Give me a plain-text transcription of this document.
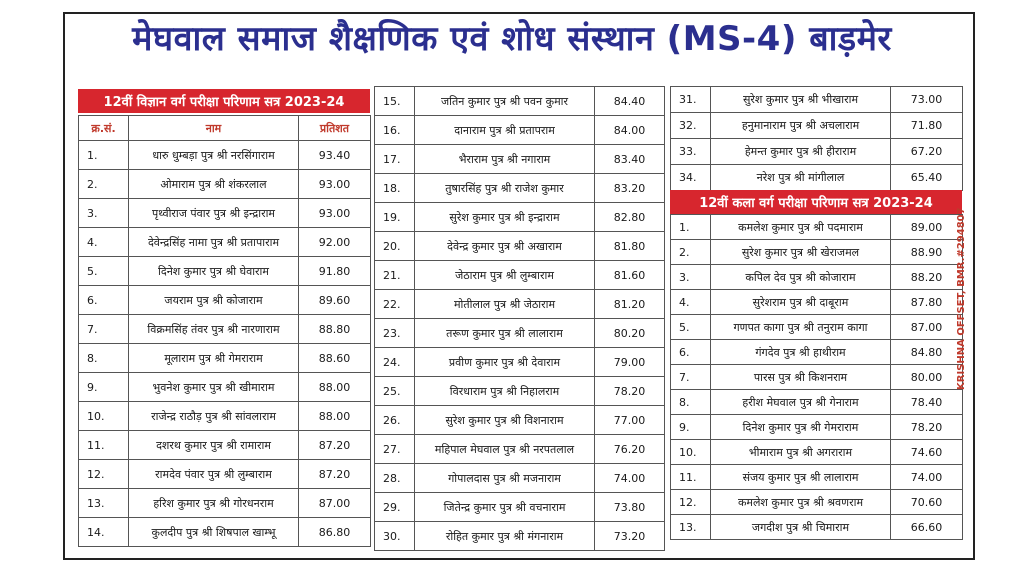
मेघवाल समाज शैक्षणिक एवं शोध संस्थान (MS-4) बाड़मेर
12वीं विज्ञान वर्ग परीक्षा परिणाम सत्र 2023-24
क्र.सं.	नाम	प्रतिशत
1.	धारु धुम्बड़ा पुत्र श्री नरसिंगाराम	93.40
2.	ओमाराम पुत्र श्री शंकरलाल	93.00
3.	पृथ्वीराज पंवार पुत्र श्री इन्द्राराम	93.00
4.	देवेन्द्रसिंह नामा पुत्र श्री प्रतापाराम	92.00
5.	दिनेश कुमार पुत्र श्री घेवाराम	91.80
6.	जयराम पुत्र श्री कोजाराम	89.60
7.	विक्रमसिंह तंवर पुत्र श्री नारणाराम	88.80
8.	मूलाराम पुत्र श्री गेमराराम	88.60
9.	भुवनेश कुमार पुत्र श्री खीमाराम	88.00
10.	राजेन्द्र राठौड़ पुत्र श्री सांवलाराम	88.00
11.	दशरथ कुमार पुत्र श्री रामाराम	87.20
12.	रामदेव पंवार पुत्र श्री लुम्बाराम	87.20
13.	हरिश कुमार पुत्र श्री गोरधनराम	87.00
14.	कुलदीप पुत्र श्री शिषपाल खाम्भू	86.80
15.	जतिन कुमार पुत्र श्री पवन कुमार	84.40
16.	दानाराम पुत्र श्री प्रतापराम	84.00
17.	भैराराम पुत्र श्री नगाराम	83.40
18.	तुषारसिंह पुत्र श्री राजेश कुमार	83.20
19.	सुरेश कुमार पुत्र श्री इन्द्राराम	82.80
20.	देवेन्द्र कुमार पुत्र श्री अखाराम	81.80
21.	जेठाराम पुत्र श्री लुम्बाराम	81.60
22.	मोतीलाल पुत्र श्री जेठाराम	81.20
23.	तरूण कुमार पुत्र श्री लालाराम	80.20
24.	प्रवीण कुमार पुत्र श्री देवाराम	79.00
25.	विरधाराम पुत्र श्री निहालराम	78.20
26.	सुरेश कुमार पुत्र श्री विशनाराम	77.00
27.	महिपाल मेघवाल पुत्र श्री नरपतलाल	76.20
28.	गोपालदास पुत्र श्री मजनाराम	74.00
29.	जितेन्द्र कुमार पुत्र श्री वचनाराम	73.80
30.	रोहित कुमार पुत्र श्री मंगनाराम	73.20
31.	सुरेश कुमार पुत्र श्री भीखाराम	73.00
32.	हनुमानाराम पुत्र श्री अचलाराम	71.80
33.	हेमन्त कुमार पुत्र श्री हीराराम	67.20
34.	नरेश पुत्र श्री मांगीलाल	65.40
12वीं कला वर्ग परीक्षा परिणाम सत्र 2023-24
1.	कमलेश कुमार पुत्र श्री पदमाराम	89.00
2.	सुरेश कुमार पुत्र श्री खेराजमल	88.90
3.	कपिल देव पुत्र श्री कोजाराम	88.20
4.	सुरेशराम पुत्र श्री दाबूराम	87.80
5.	गणपत कागा पुत्र श्री तनुराम कागा	87.00
6.	गंगदेव पुत्र श्री हाथीराम	84.80
7.	पारस पुत्र श्री किशनराम	80.00
8.	हरीश मेघवाल पुत्र श्री गेनाराम	78.40
9.	दिनेश कुमार पुत्र श्री गेमराराम	78.20
10.	भीमाराम पुत्र श्री अगराराम	74.60
11.	संजय कुमार पुत्र श्री लालाराम	74.00
12.	कमलेश कुमार पुत्र श्री श्रवणराम	70.60
13.	जगदीश पुत्र श्री चिमाराम	66.60
KRISHNA OFFSET, BMR.#294807
